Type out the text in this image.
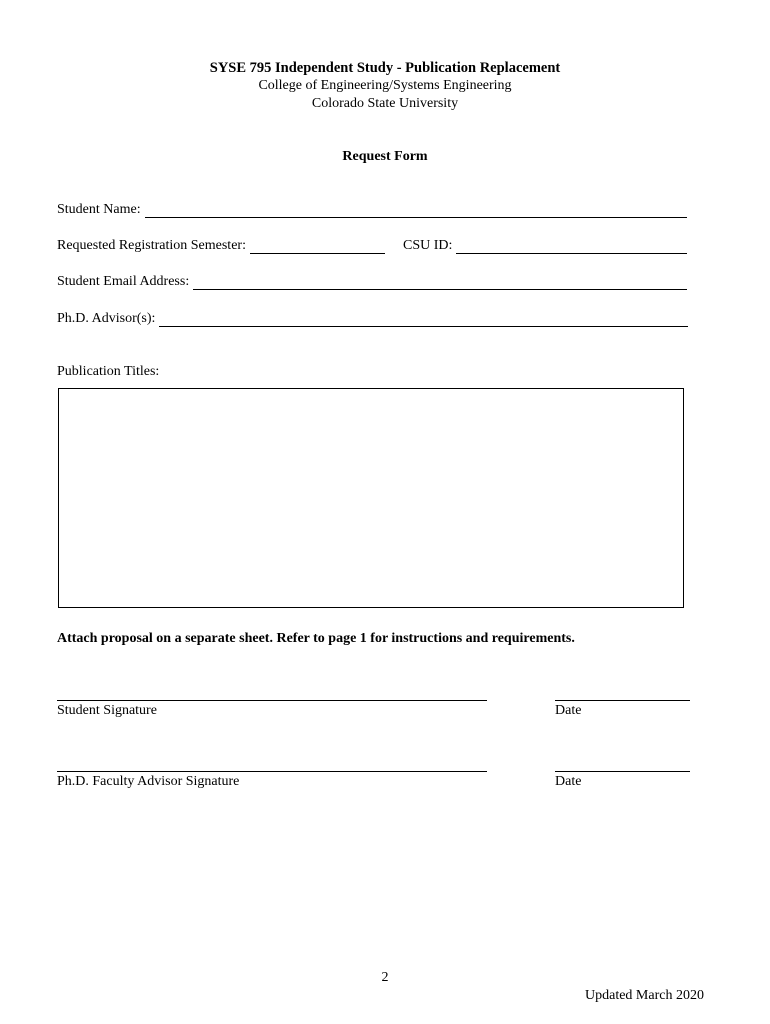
SYSE 795 Independent Study - Publication Replacement
College of Engineering/Systems Engineering
Colorado State University
Request Form
Student Name:
Requested Registration Semester:	CSU ID:
Student Email Address:
Ph.D. Advisor(s):
Publication Titles:
Attach proposal on a separate sheet. Refer to page 1 for instructions and requirements.
Student Signature	Date
Ph.D. Faculty Advisor Signature	Date
2
Updated March 2020
